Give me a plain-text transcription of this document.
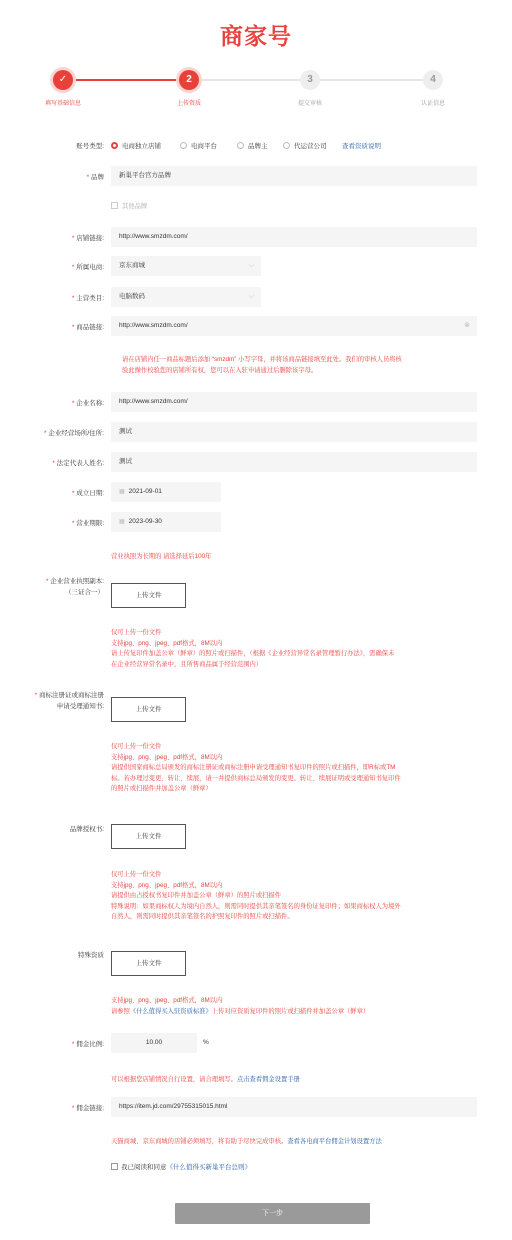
商家号
✓	2	3	4
填写基础信息	上传资质	提交审核	认证信息
账号类型:	电商独立店铺	电商平台	品牌主	代运营公司 查看资质说明
* 品牌	新巢平台官方品牌
其他品牌
* 店铺链接:	http://www.smzdm.com/
* 所属电商:	京东商城	⌵
* 主营类目:	电脑数码	⌵
* 商品链接:	http://www.smzdm.com/	⊗
请在店铺内任一商品标题后添加 “smzdm” 小写字母，并将该商品链接填至此处。我们的审核人员将核
验此操作校验您的店铺所有权，您可以在入驻申请通过后删除该字母。
* 企业名称:	http://www.smzdm.com/
* 企业经营场所/住所:	测试
* 法定代表人姓名:	测试
* 成立日期:	▦ 2021-09-01
* 营业期限:	▦ 2023-09-30
营业执照为长期的 请选择延后100年
* 企业营业执照副本:
（三证合一）	上传文件
仅可上传一份文件
支持jpg、png、jpeg、pdf格式，8M以内
请上传复印件加盖公章（鲜章）的照片或扫描件，（根据《企业经营异常名录管理暂行办法》，需确保未
在企业经营异常名录中，且所售商品属于经营范围内）
* 商标注册证或商标注册
申请受理通知书:	上传文件
仅可上传一份文件
支持jpg、png、jpeg、pdf格式，8M以内
请提供国家商标总局颁发的商标注册证或商标注册申请受理通知书复印件的照片或扫描件，即R标或TM
标。若办理过变更、转让、续展，请一并提供商标总局颁发的变更、转让、续展证明或受理通知书复印件
的照片或扫描件并加盖公章（鲜章）
品牌授权书:
上传文件
仅可上传一份文件
支持jpg、png、jpeg、pdf格式，8M以内
请提供由占授权书复印件并加盖公章（鲜章）的照片或扫描件
特殊说明：如果商标权人为境内自然人，则需同时提供其亲笔签名的身份证复印件；如果商标权人为境外
自然人，则需同时提供其亲笔签名的护照复印件的照片或扫描件。
特殊资质
上传文件
支持jpg、png、jpeg、pdf格式，8M以内
请参照《什么值得买入驻资质标准》上传对应资质复印件的照片或扫描件并加盖公章（鲜章）
* 佣金比例:	10.00	%
可以根据您店铺情况自行设置，请合理填写。点击查看佣金设置手册
* 佣金链接:	https://item.jd.com/29755315015.html
天猫商城、京东商城的店铺必须填写，将有助于尽快完成审核。查看各电商平台佣金计划设置方法
我已阅读和同意《什么值得买新巢平台总则》
下一步
